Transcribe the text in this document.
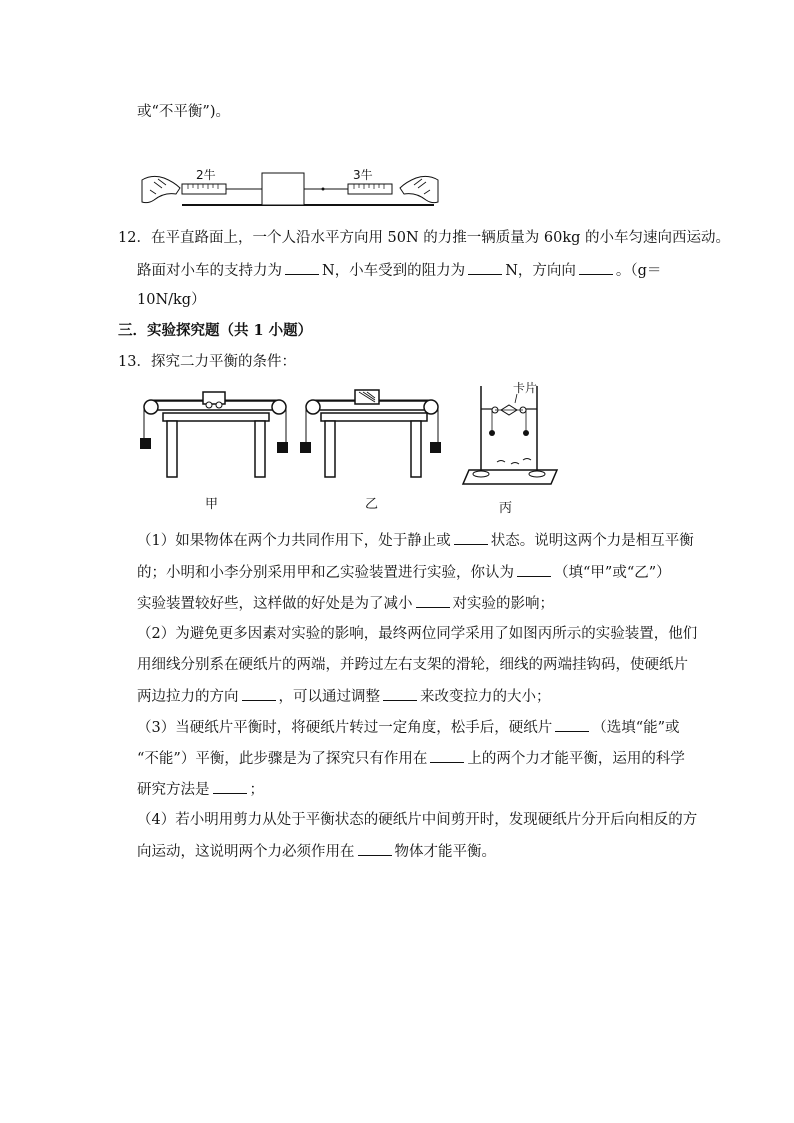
或“不平衡”)。
2牛	3牛
12．在平直路面上，一个人沿水平方向用 50N 的力推一辆质量为 60kg 的小车匀速向西运动。
路面对小车的支持力为	N，小车受到的阻力为	N，方向向	。（g＝
10N/kg）
三．实验探究题（共 1 小题）
13．探究二力平衡的条件：
卡片
甲	乙	丙
（1）如果物体在两个力共同作用下，处于静止或	状态。说明这两个力是相互平衡
的；小明和小李分别采用甲和乙实验装置进行实验，你认为	（填“甲”或“乙”）
实验装置较好些，这样做的好处是为了减小	对实验的影响；
（2）为避免更多因素对实验的影响，最终两位同学采用了如图丙所示的实验装置，他们
用细线分别系在硬纸片的两端，并跨过左右支架的滑轮，细线的两端挂钩码，使硬纸片
两边拉力的方向	，可以通过调整	来改变拉力的大小；
（3）当硬纸片平衡时，将硬纸片转过一定角度，松手后，硬纸片	（选填“能”或
“不能”）平衡，此步骤是为了探究只有作用在	上的两个力才能平衡，运用的科学
研究方法是	；
（4）若小明用剪力从处于平衡状态的硬纸片中间剪开时，发现硬纸片分开后向相反的方
向运动，这说明两个力必须作用在	物体才能平衡。
